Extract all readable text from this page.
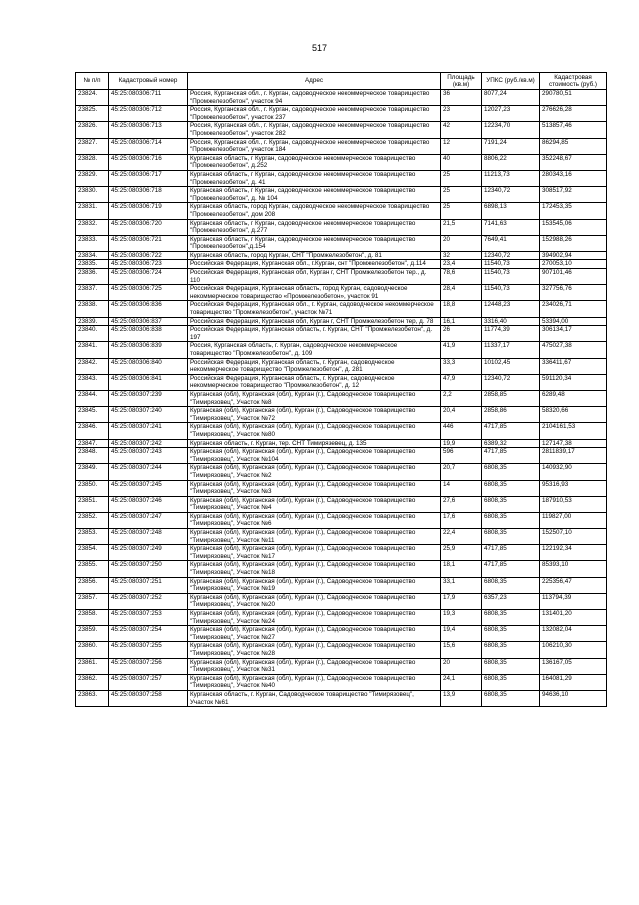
517
№ п/п	Кадастровый номер	Адрес	Площадь (кв.м)	УПКС (руб./кв.м)	Кадастровая стоимость (руб.)
23824.	45:25:080306:711	Россия, Курганская обл., г. Курган, садоводческое некоммерческое товарищество "Промжелезобетон", участок 94	36	8077,24	290780,51
23825.	45:25:080306:712	Россия, Курганская обл., г. Курган, садоводческое некоммерческое товарищество "Промжелезобетон", участок 237	23	12027,23	276626,28
23826.	45:25:080306:713	Россия, Курганская обл., г. Курган, садоводческое некоммерческое товарищество "Промжелезобетон", участок 282	42	12234,70	513857,46
23827.	45:25:080306:714	Россия, Курганская обл., г. Курган, садоводческое некоммерческое товарищество "Промжелезобетон", участок 184	12	7191,24	86294,85
23828.	45:25:080306:716	Курганская область, г Курган, садоводческое некоммерческое товарищество "Промжелезобетон", д.252	40	8806,22	352248,67
23829.	45:25:080306:717	Курганская область, г Курган, садоводческое некоммерческое товарищество "Промжелезобетон", д. 41	25	11213,73	280343,16
23830.	45:25:080306:718	Курганская область, г Курган, садоводческое некоммерческое товарищество "Промжелезобетон", д. № 104	25	12340,72	308517,92
23831.	45:25:080306:719	Курганская область, город Курган, садоводческое некоммерческое товарищество "Промжелезобетон", дом 208	25	6898,13	172453,35
23832.	45:25:080306:720	Курганская область, г Курган, садоводческое некоммерческое товарищество "Промжелезобетон", д.277	21,5	7141,63	153545,06
23833.	45:25:080306:721	Курганская область, г Курган, садоводческое некоммерческое товарищество "Промжелезобетон",д.154	20	7649,41	152988,26
23834.	45:25:080306:722	Курганская область, город Курган, СНТ "Промжелезобетон", д. 81	32	12340,72	394902,94
23835.	45:25:080306:723	Российская Федерация, Курганская обл., г.Курган, снт "Промжелезобетон", д.114	23,4	11540,73	270053,10
23836.	45:25:080306:724	Российская Федерация, Курганская обл, Курган г, СНТ Промжелезобетон тер., д. 110	78,6	11540,73	907101,46
23837.	45:25:080306:725	Российская Федерация, Курганская область, город Курган, садоводческое некоммерческое товарищество «Промжелезобетон», участок 91	28,4	11540,73	327756,76
23838.	45:25:080306:836	Российская Федерация, Курганская обл., г. Курган, садоводческое некоммерческое товарищество "Промжелезобетон", участок №71	18,8	12448,23	234026,71
23839.	45:25:080306:837	Российская Федерация, Курганская обл, Курган г, СНТ Промжелезобетон тер, д. 78	16,1	3316,40	53394,00
23840.	45:25:080306:838	Российская Федерация, Курганская область, г. Курган, СНТ "Промжелезобетон", д. 197	26	11774,39	306134,17
23841.	45:25:080306:839	Россия, Курганская область, г. Курган, садоводческое некоммерческое товарищество "Промжелезобетон", д. 109	41,9	11337,17	475027,38
23842.	45:25:080306:840	Российская Федерация, Курганская область, г. Курган, садоводческое некоммерческое товарищество "Промжелезобетон", д. 281	33,3	10102,45	336411,67
23843.	45:25:080306:841	Российская Федерация, Курганская область, г. Курган, садоводческое некоммерческое товарищество "Промжелезобетон", д. 12	47,9	12340,72	591120,34
23844.	45:25:080307:239	Курганская (обл), Курганская (обл), Курган (г.), Садоводческое товарищество "Тимирязовец", Участок №8	2,2	2858,85	6289,48
23845.	45:25:080307:240	Курганская (обл), Курганская (обл), Курган (г.), Садоводческое товарищество "Тимирязовец", Участок №72	20,4	2858,86	58320,66
23846.	45:25:080307:241	Курганская (обл), Курганская (обл), Курган (г.), Садоводческое товарищество "Тимирязовец", Участок №80	446	4717,85	2104161,53
23847.	45:25:080307:242	Курганская область, г. Курган, тер. СНТ Тимирязевец, д. 135	19,9	6389,32	127147,38
23848.	45:25:080307:243	Курганская (обл), Курганская (обл), Курган (г.), Садоводческое товарищество "Тимирязовец", Участок №104	596	4717,85	2811839,17
23849.	45:25:080307:244	Курганская (обл), Курганская (обл), Курган (г.), Садоводческое товарищество "Тимирязовец", Участок №2	20,7	6808,35	140932,90
23850.	45:25:080307:245	Курганская (обл), Курганская (обл), Курган (г.), Садоводческое товарищество "Тимирязовец", Участок №3	14	6808,35	95316,93
23851.	45:25:080307:246	Курганская (обл), Курганская (обл), Курган (г.), Садоводческое товарищество "Тимирязовец", Участок №4	27,6	6808,35	187910,53
23852.	45:25:080307:247	Курганская (обл), Курганская (обл), Курган (г.), Садоводческое товарищество "Тимирязовец", Участок №6	17,6	6808,35	119827,00
23853.	45:25:080307:248	Курганская (обл), Курганская (обл), Курган (г.), Садоводческое товарищество "Тимирязовец", Участок №11	22,4	6808,35	152507,10
23854.	45:25:080307:249	Курганская (обл), Курганская (обл), Курган (г.), Садоводческое товарищество "Тимирязовец", Участок №17	25,9	4717,85	122192,34
23855.	45:25:080307:250	Курганская (обл), Курганская (обл), Курган (г.), Садоводческое товарищество "Тимирязовец", Участок №18	18,1	4717,85	85393,10
23856.	45:25:080307:251	Курганская (обл), Курганская (обл), Курган (г.), Садоводческое товарищество "Тимирязовец", Участок №19	33,1	6808,35	225356,47
23857.	45:25:080307:252	Курганская (обл), Курганская (обл), Курган (г.), Садоводческое товарищество "Тимирязовец", Участок №20	17,9	6357,23	113794,39
23858.	45:25:080307:253	Курганская (обл), Курганская (обл), Курган (г.), Садоводческое товарищество "Тимирязовец", Участок №24	19,3	6808,35	131401,20
23859.	45:25:080307:254	Курганская (обл), Курганская (обл), Курган (г.), Садоводческое товарищество "Тимирязовец", Участок №27	19,4	6808,35	132082,04
23860.	45:25:080307:255	Курганская (обл), Курганская (обл), Курган (г.), Садоводческое товарищество "Тимирязовец", Участок №28	15,6	6808,35	106210,30
23861.	45:25:080307:256	Курганская (обл), Курганская (обл), Курган (г.), Садоводческое товарищество "Тимирязовец", Участок №31	20	6808,35	136167,05
23862.	45:25:080307:257	Курганская (обл), Курганская (обл), Курган (г.), Садоводческое товарищество "Тимирязовец", Участок №40	24,1	6808,35	164081,29
23863.	45:25:080307:258	Курганская область, г. Курган, Садоводческое товарищество "Тимирязовец", Участок №61	13,9	6808,35	94636,10
